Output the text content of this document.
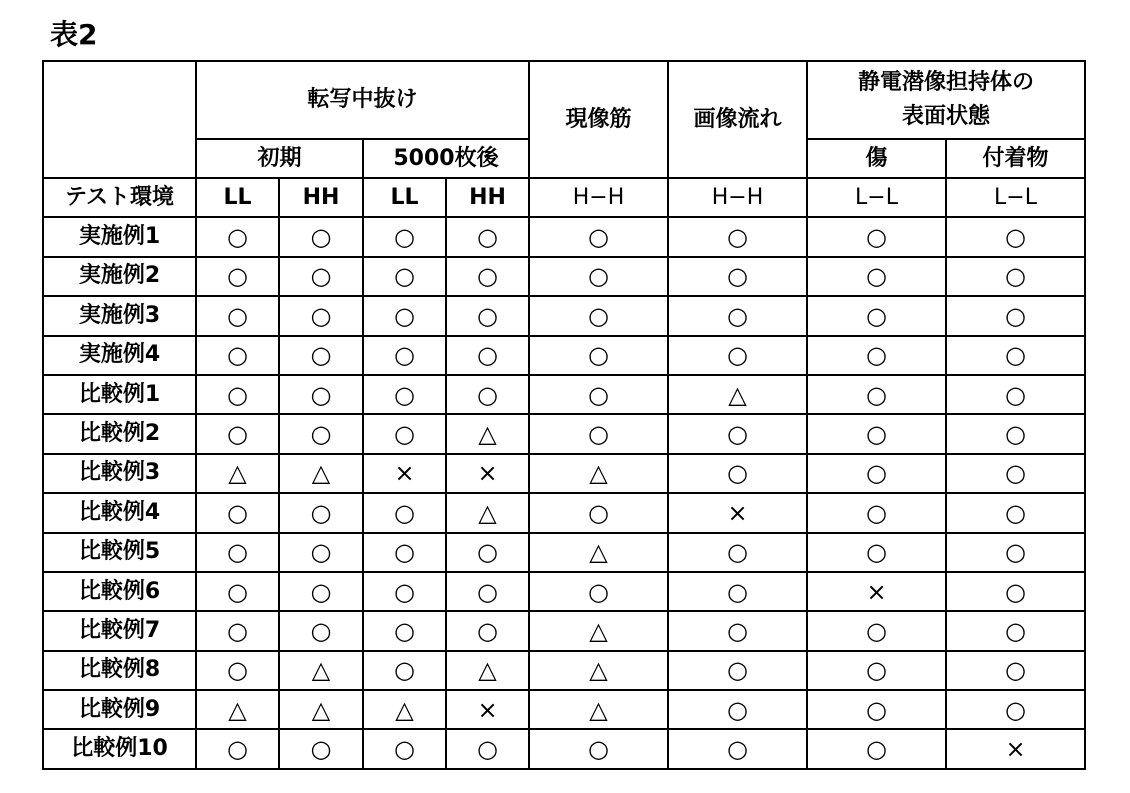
表2
	転写中抜け	現像筋	画像流れ	
静電潜像担持体の
表面状態

初期	5000枚後	傷	付着物
テスト環境	LL	HH	LL	HH	H−H	H−H	L−L	L−L
実施例1	○	○	○	○	○	○	○	○
実施例2	○	○	○	○	○	○	○	○
実施例3	○	○	○	○	○	○	○	○
実施例4	○	○	○	○	○	○	○	○
比較例1	○	○	○	○	○	△	○	○
比較例2	○	○	○	△	○	○	○	○
比較例3	△	△	×	×	△	○	○	○
比較例4	○	○	○	△	○	×	○	○
比較例5	○	○	○	○	△	○	○	○
比較例6	○	○	○	○	○	○	×	○
比較例7	○	○	○	○	△	○	○	○
比較例8	○	△	○	△	△	○	○	○
比較例9	△	△	△	×	△	○	○	○
比較例10	○	○	○	○	○	○	○	×
